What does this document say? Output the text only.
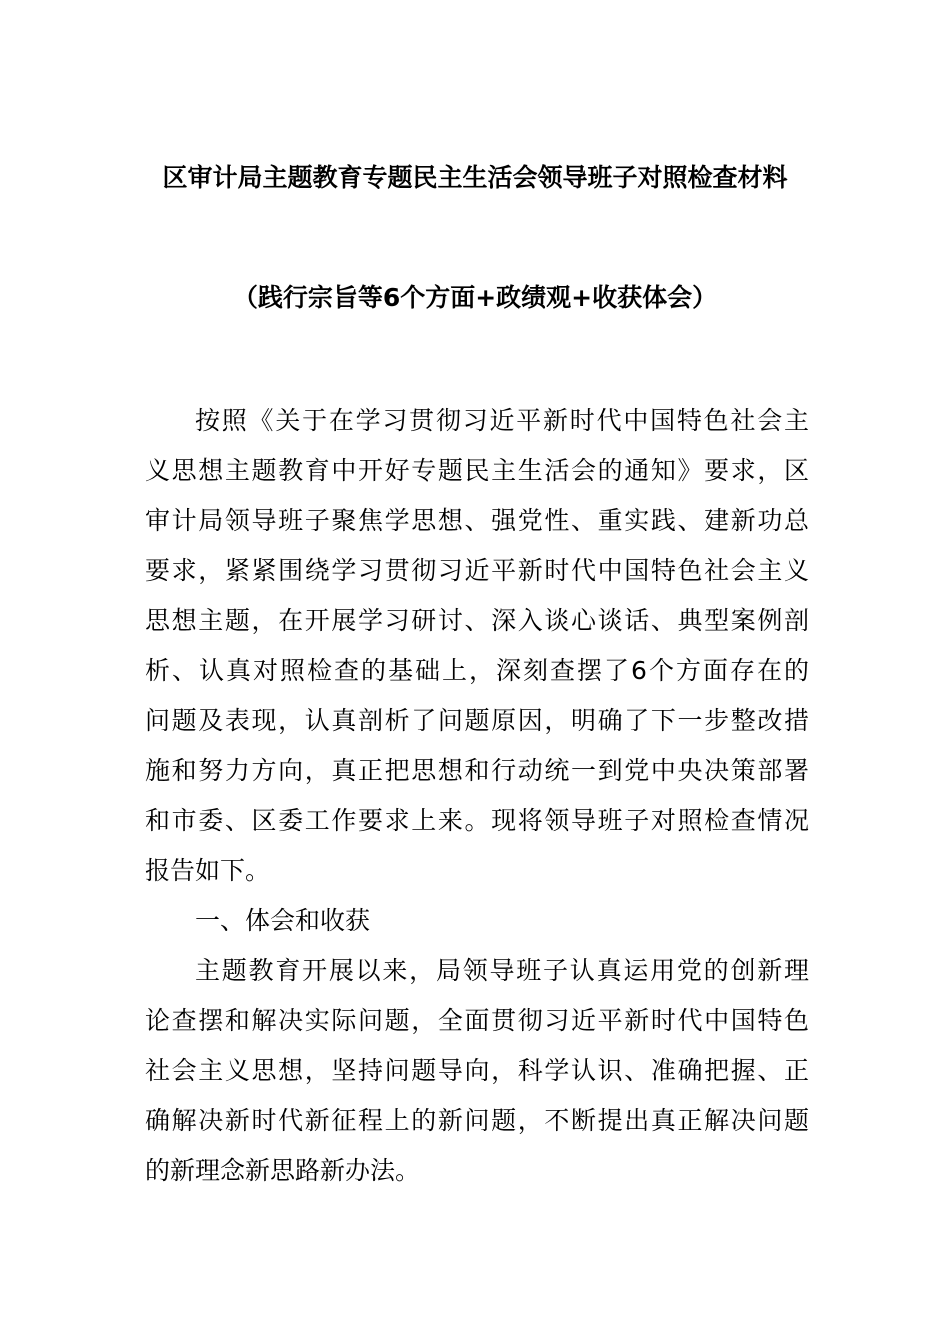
区审计局主题教育专题民主生活会领导班子对照检查材料
（践行宗旨等6个方面+政绩观+收获体会）
按照《关于在学习贯彻习近平新时代中国特色社会主
义思想主题教育中开好专题民主生活会的通知》要求，区
审计局领导班子聚焦学思想、强党性、重实践、建新功总
要求，紧紧围绕学习贯彻习近平新时代中国特色社会主义
思想主题，在开展学习研讨、深入谈心谈话、典型案例剖
析、认真对照检查的基础上，深刻查摆了6个方面存在的
问题及表现，认真剖析了问题原因，明确了下一步整改措
施和努力方向，真正把思想和行动统一到党中央决策部署
和市委、区委工作要求上来。现将领导班子对照检查情况
报告如下。
一、体会和收获
主题教育开展以来，局领导班子认真运用党的创新理
论查摆和解决实际问题，全面贯彻习近平新时代中国特色
社会主义思想，坚持问题导向，科学认识、准确把握、正
确解决新时代新征程上的新问题，不断提出真正解决问题
的新理念新思路新办法。
